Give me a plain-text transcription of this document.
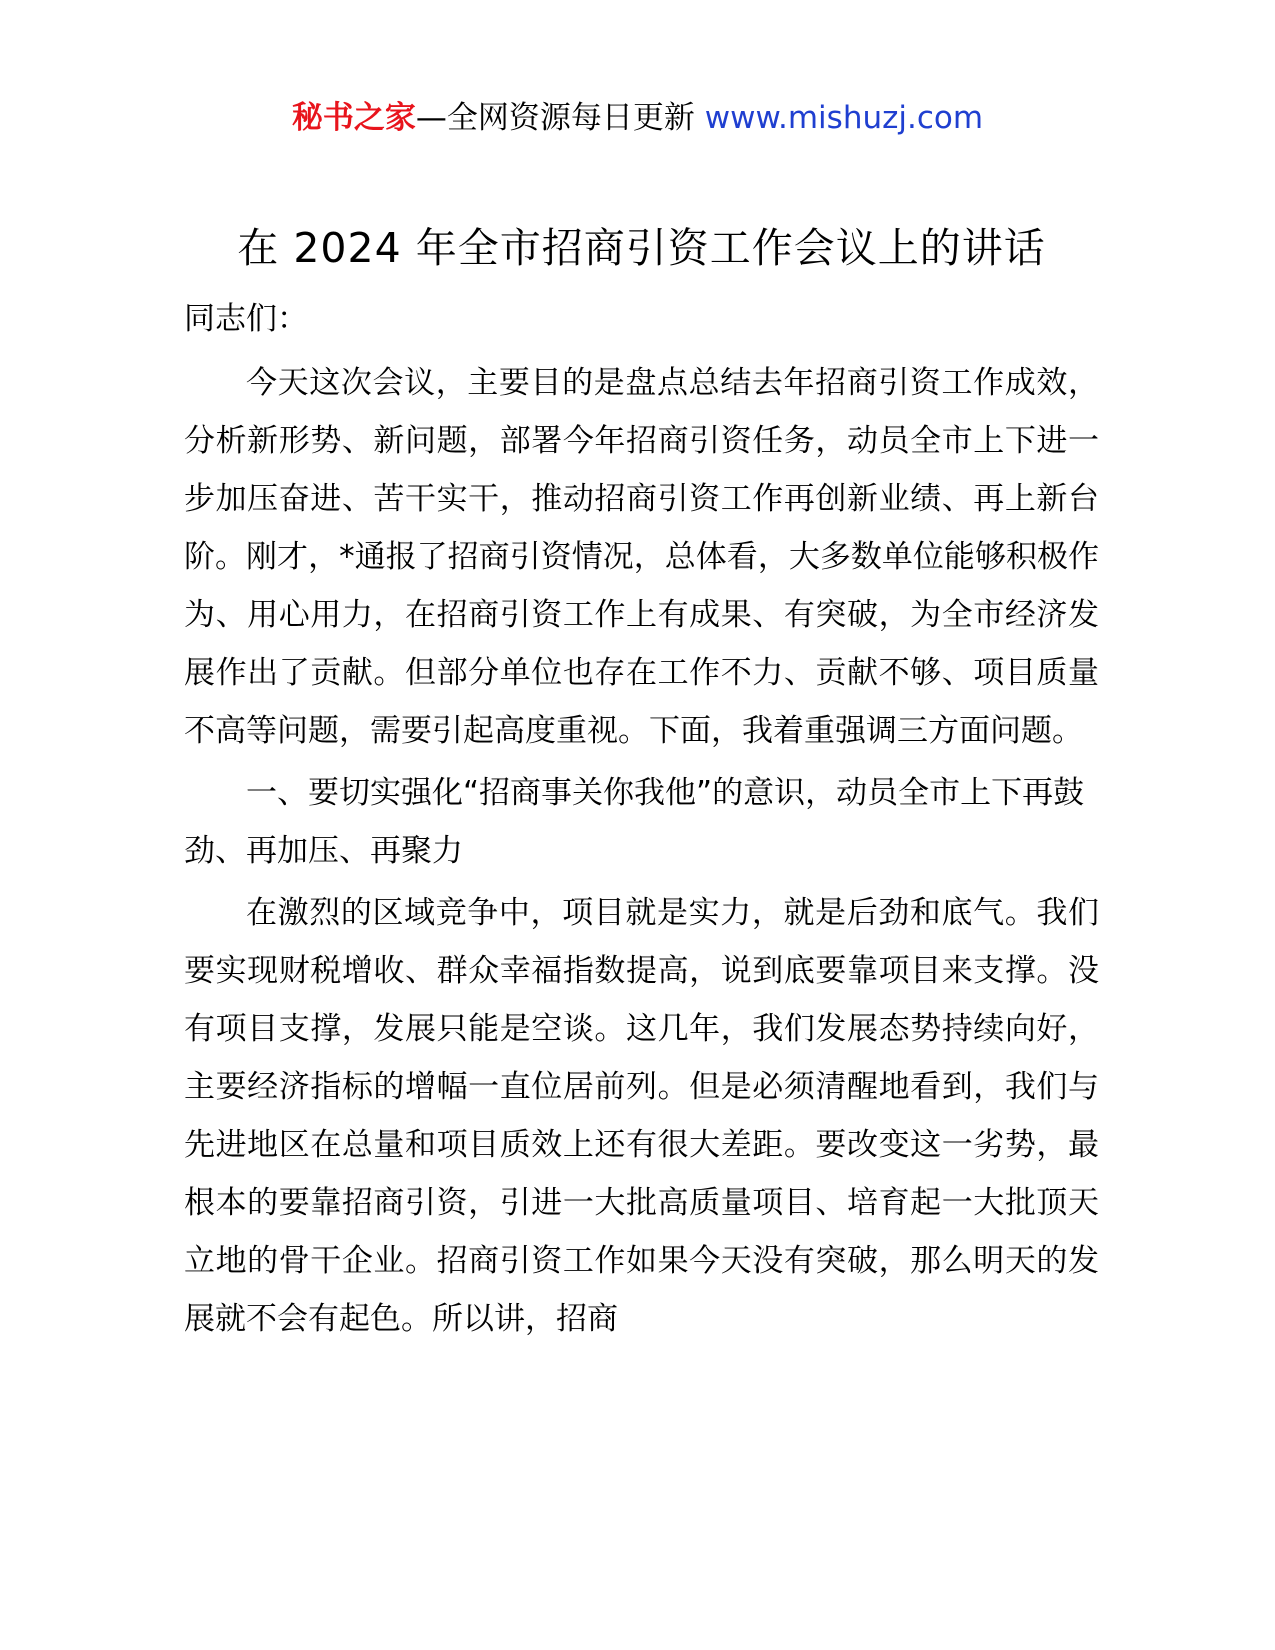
秘书之家—全网资源每日更新 www.mishuzj.com
在 2024 年全市招商引资工作会议上的讲话
同志们：
今天这次会议，主要目的是盘点总结去年招商引资工作成效，分析新形势、新问题，部署今年招商引资任务，动员全市上下进一步加压奋进、苦干实干，推动招商引资工作再创新业绩、再上新台阶。刚才，*通报了招商引资情况，总体看，大多数单位能够积极作为、用心用力，在招商引资工作上有成果、有突破，为全市经济发展作出了贡献。但部分单位也存在工作不力、贡献不够、项目质量不高等问题，需要引起高度重视。下面，我着重强调三方面问题。
一、要切实强化“招商事关你我他”的意识，动员全市上下再鼓劲、再加压、再聚力
在激烈的区域竞争中，项目就是实力，就是后劲和底气。我们要实现财税增收、群众幸福指数提高，说到底要靠项目来支撑。没有项目支撑，发展只能是空谈。这几年，我们发展态势持续向好，主要经济指标的增幅一直位居前列。但是必须清醒地看到，我们与先进地区在总量和项目质效上还有很大差距。要改变这一劣势，最根本的要靠招商引资，引进一大批高质量项目、培育起一大批顶天立地的骨干企业。招商引资工作如果今天没有突破，那么明天的发展就不会有起色。所以讲，招商
